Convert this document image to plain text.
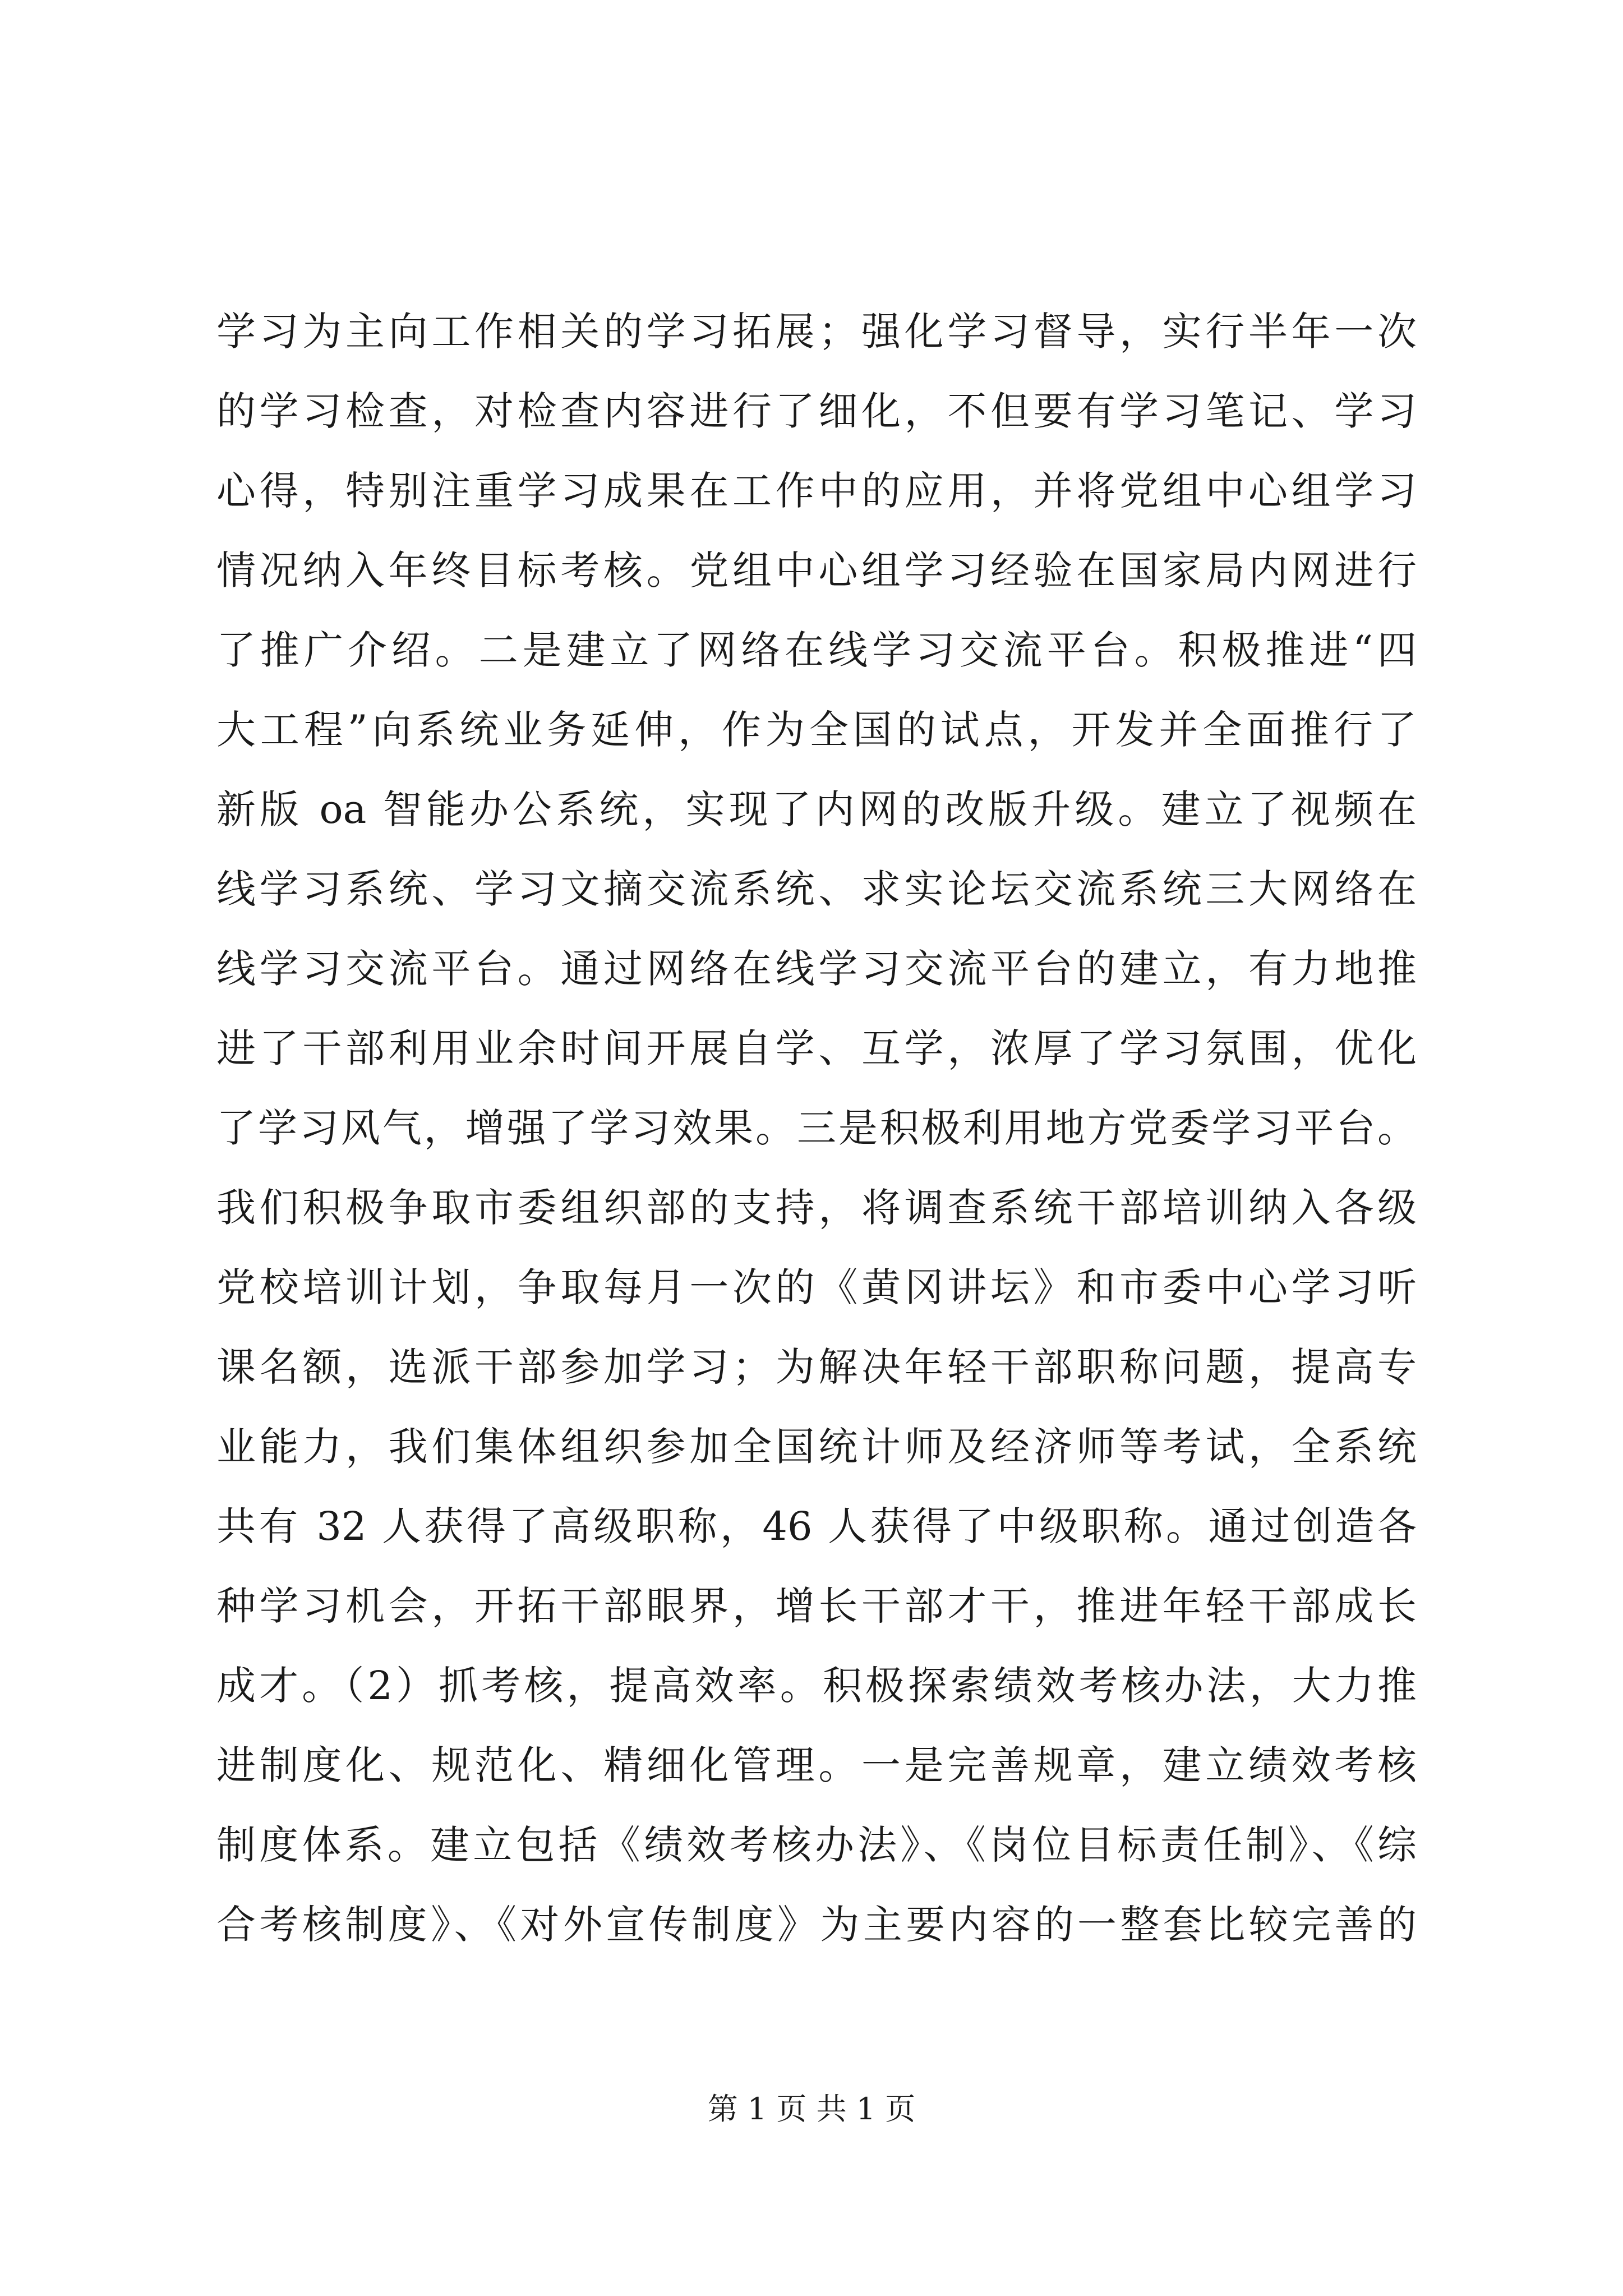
学习为主向工作相关的学习拓展；强化学习督导，实行半年一次
的学习检查，对检查内容进行了细化，不但要有学习笔记、学习
心得，特别注重学习成果在工作中的应用，并将党组中心组学习
情况纳入年终目标考核。党组中心组学习经验在国家局内网进行
了推广介绍。二是建立了网络在线学习交流平台。积极推进“四
大工程”向系统业务延伸，作为全国的试点，开发并全面推行了
新版 oa 智能办公系统，实现了内网的改版升级。建立了视频在
线学习系统、学习文摘交流系统、求实论坛交流系统三大网络在
线学习交流平台。通过网络在线学习交流平台的建立，有力地推
进了干部利用业余时间开展自学、互学，浓厚了学习氛围，优化
了学习风气，增强了学习效果。三是积极利用地方党委学习平台。
我们积极争取市委组织部的支持，将调查系统干部培训纳入各级
党校培训计划，争取每月一次的《黄冈讲坛》和市委中心学习听
课名额，选派干部参加学习；为解决年轻干部职称问题，提高专
业能力，我们集体组织参加全国统计师及经济师等考试，全系统
共有 32 人获得了高级职称，46 人获得了中级职称。通过创造各
种学习机会，开拓干部眼界，增长干部才干，推进年轻干部成长
成才。（2）抓考核，提高效率。积极探索绩效考核办法，大力推
进制度化、规范化、精细化管理。一是完善规章，建立绩效考核
制度体系。建立包括《绩效考核办法》、《岗位目标责任制》、《综
合考核制度》、《对外宣传制度》为主要内容的一整套比较完善的
第 1 页 共 1 页
